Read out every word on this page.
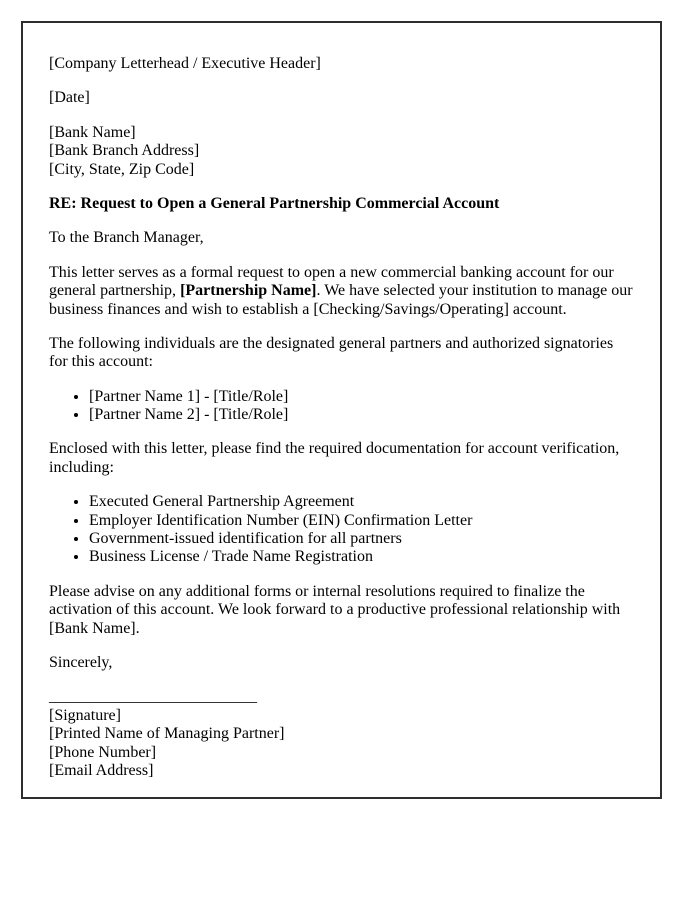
[Company Letterhead / Executive Header]

[Date]

[Bank Name]
[Bank Branch Address]
[City, State, Zip Code]

RE: Request to Open a General Partnership Commercial Account

To the Branch Manager,

This letter serves as a formal request to open a new commercial banking account for our general partnership, [Partnership Name]. We have selected your institution to manage our business finances and wish to establish a [Checking/Savings/Operating] account.

The following individuals are the designated general partners and authorized signatories for this account:

• [Partner Name 1] - [Title/Role]
• [Partner Name 2] - [Title/Role]

Enclosed with this letter, please find the required documentation for account verification, including:

• Executed General Partnership Agreement
• Employer Identification Number (EIN) Confirmation Letter
• Government-issued identification for all partners
• Business License / Trade Name Registration

Please advise on any additional forms or internal resolutions required to finalize the activation of this account. We look forward to a productive professional relationship with [Bank Name].

Sincerely,

__________________________
[Signature]
[Printed Name of Managing Partner]
[Phone Number]
[Email Address]
